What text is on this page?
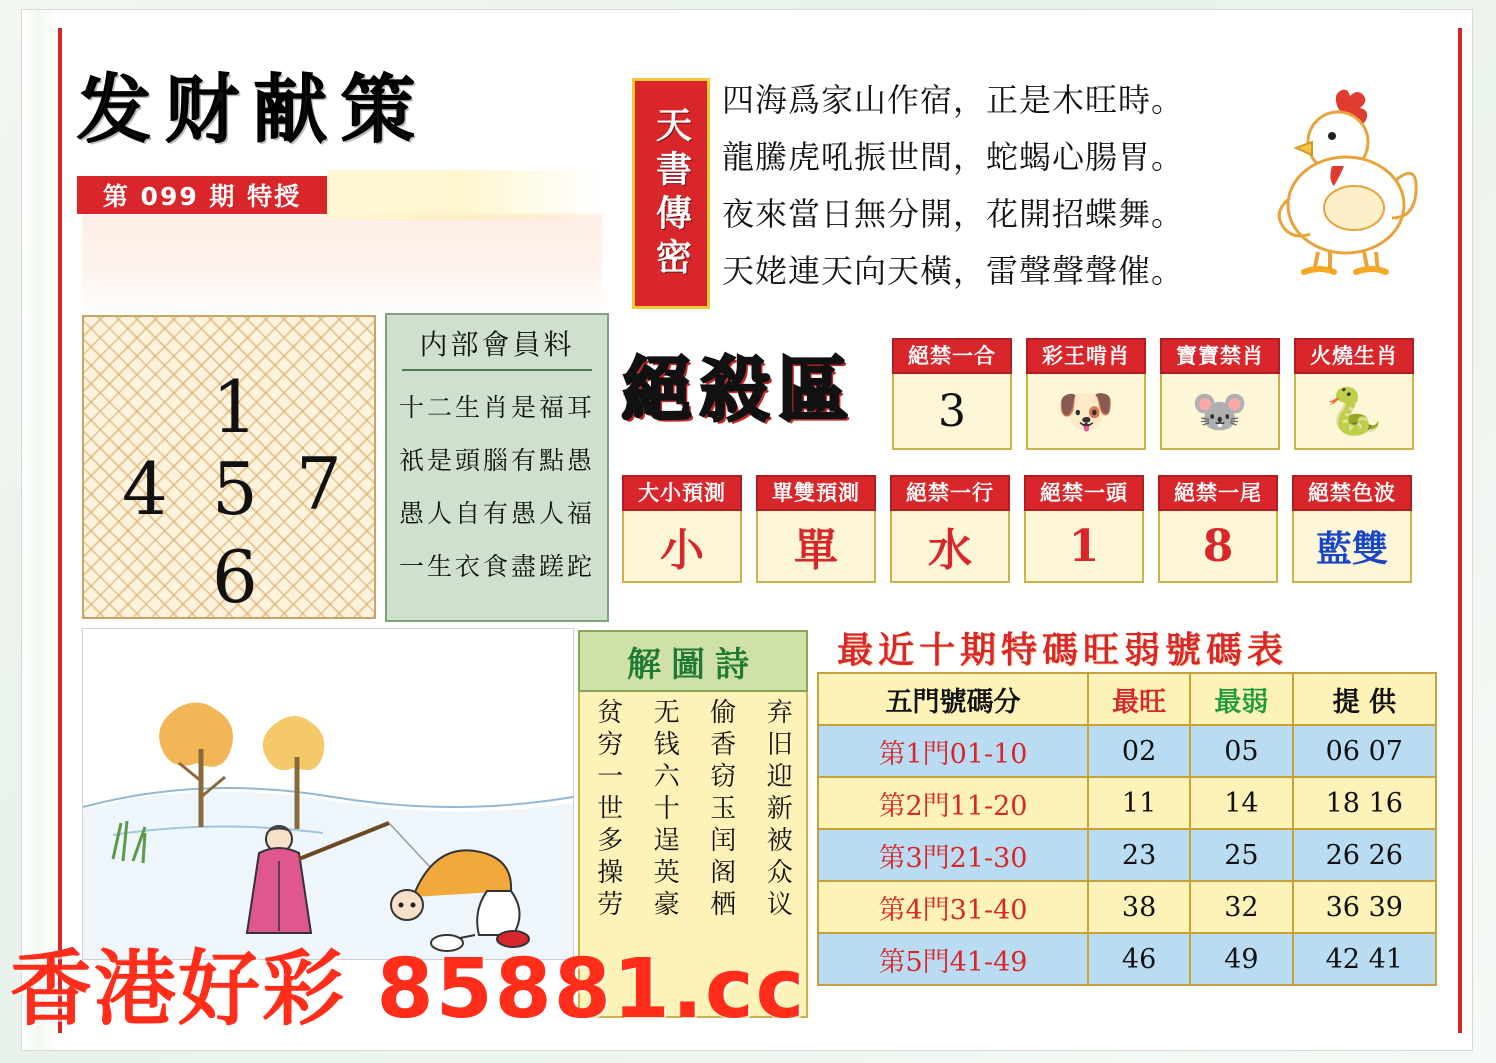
发财献策
第 099 期 特授	天書傳密
四海爲家山作宿，正是木旺時。
龍騰虎吼振世間，蛇蝎心腸胃。
夜來當日無分開，花開招蝶舞。
天姥連天向天橫，雷聲聲聲催。
1
4 5 7
6
内部會員料
十二生肖是福耳
祇是頭腦有點愚
愚人自有愚人福
一生衣食盡蹉跎
絕殺區	絕禁一合
3
彩王啃肖
🐶
寶寶禁肖
🐭
火燒生肖
🐍
大小預測
小
單雙預測
單
絕禁一行
水
絕禁一頭
1
絕禁一尾
8
絕禁色波
藍雙
解圖詩
弃旧迎新被众议
偷香窃玉闰阁栖
无钱六十逞英豪
贫穷一世多操劳
最近十期特碼旺弱號碼表
五門號碼分	最旺	最弱	提 供
第1門01-10	02	05	06 07
第2門11-20	11	14	18 16
第3門21-30	23	25	26 26
第4門31-40	38	32	36 39
第5門41-49	46	49	42 41
香港好彩 85881.cc
